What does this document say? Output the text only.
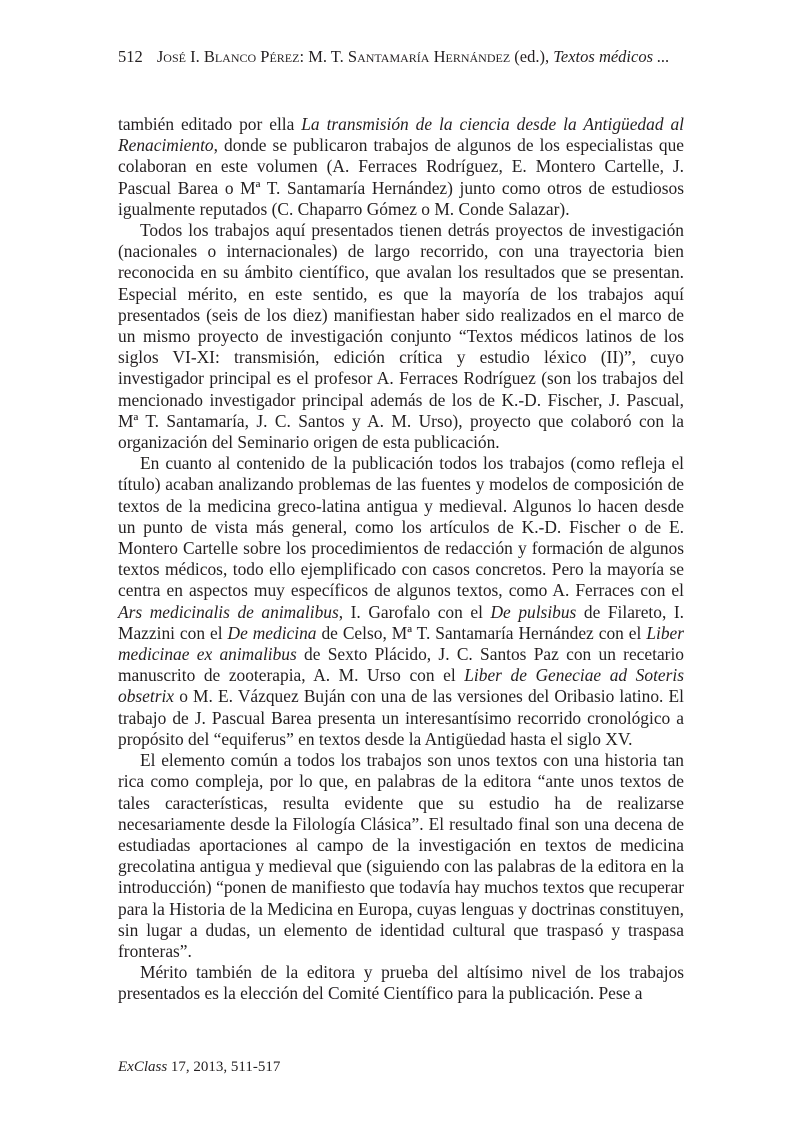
512 José I. Blanco Pérez: M. T. Santamaría Hernández (ed.), Textos médicos ...

también editado por ella La transmisión de la ciencia desde la Antigüedad al Renacimiento, donde se publicaron trabajos de algunos de los especialistas que colaboran en este volumen (A. Ferraces Rodríguez, E. Montero Cartelle, J. Pascual Barea o Mª T. Santamaría Hernández) junto como otros de estudiosos igualmente reputados (C. Chaparro Gómez o M. Conde Salazar).

Todos los trabajos aquí presentados tienen detrás proyectos de investigación (nacionales o internacionales) de largo recorrido, con una trayectoria bien reconocida en su ámbito científico, que avalan los resultados que se presentan. Especial mérito, en este sentido, es que la mayoría de los trabajos aquí presentados (seis de los diez) manifiestan haber sido realizados en el marco de un mismo proyecto de investigación conjunto “Textos médicos latinos de los siglos VI-XI: transmisión, edición crítica y estudio léxico (II)”, cuyo investigador principal es el profesor A. Ferraces Rodríguez (son los trabajos del mencionado investigador principal además de los de K.-D. Fischer, J. Pascual, Mª T. Santamaría, J. C. Santos y A. M. Urso), proyecto que colaboró con la organización del Seminario origen de esta publicación.

En cuanto al contenido de la publicación todos los trabajos (como refleja el título) acaban analizando problemas de las fuentes y modelos de composición de textos de la medicina greco-latina antigua y medieval. Algunos lo hacen desde un punto de vista más general, como los artículos de K.-D. Fischer o de E. Montero Cartelle sobre los procedimientos de redacción y formación de algunos textos médicos, todo ello ejemplificado con casos concretos. Pero la mayoría se centra en aspectos muy específicos de algunos textos, como A. Ferraces con el Ars medicinalis de animalibus, I. Garofalo con el De pulsibus de Filareto, I. Mazzini con el De medicina de Celso, Mª T. Santamaría Hernández con el Liber medicinae ex animalibus de Sexto Plácido, J. C. Santos Paz con un recetario manuscrito de zooterapia, A. M. Urso con el Liber de Geneciae ad Soteris obsetrix o M. E. Vázquez Buján con una de las versiones del Oribasio latino. El trabajo de J. Pascual Barea presenta un interesantísimo recorrido cronológico a propósito del “equiferus” en textos desde la Antigüedad hasta el siglo XV.

El elemento común a todos los trabajos son unos textos con una historia tan rica como compleja, por lo que, en palabras de la editora “ante unos textos de tales características, resulta evidente que su estudio ha de realizarse necesariamente desde la Filología Clásica”. El resultado final son una decena de estudiadas aportaciones al campo de la investigación en textos de medicina grecolatina antigua y medieval que (siguiendo con las palabras de la editora en la introducción) “ponen de manifiesto que todavía hay muchos textos que recuperar para la Historia de la Medicina en Europa, cuyas lenguas y doctrinas constituyen, sin lugar a dudas, un elemento de identidad cultural que traspasó y traspasa fronteras”.

Mérito también de la editora y prueba del altísimo nivel de los trabajos presentados es la elección del Comité Científico para la publicación. Pese a

ExClass 17, 2013, 511-517
